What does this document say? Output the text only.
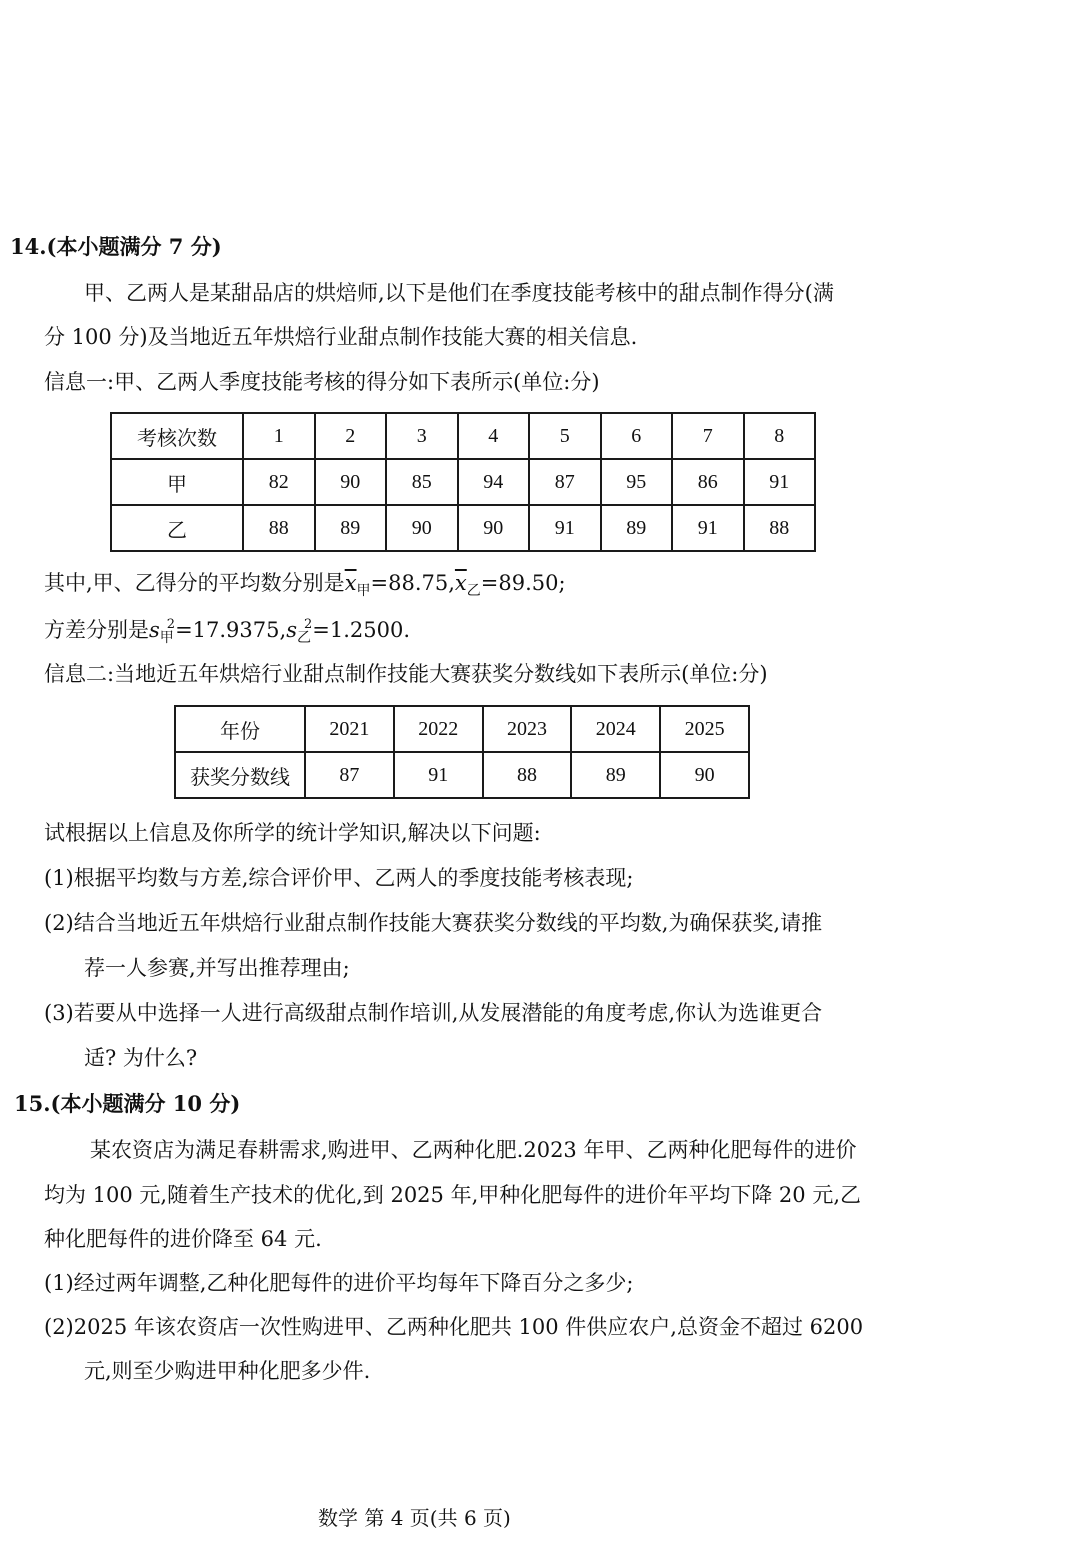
14.(本小题满分 7 分)
甲、乙两人是某甜品店的烘焙师,以下是他们在季度技能考核中的甜点制作得分(满
分 100 分)及当地近五年烘焙行业甜点制作技能大赛的相关信息.
信息一:甲、乙两人季度技能考核的得分如下表所示(单位:分)
考核次数	1	2	3	4	5	6	7	8
甲	82	90	85	94	87	95	86	91
乙	88	89	90	90	91	89	91	88
其中,甲、乙得分的平均数分别是$\overline{x}_甲=88.75,\overline{x}_乙=89.50$;
方差分别是$s_甲^2=17.9375,s_乙^2=1.2500$.
信息二:当地近五年烘焙行业甜点制作技能大赛获奖分数线如下表所示(单位:分)
年份	2021	2022	2023	2024	2025
获奖分数线	87	91	88	89	90
试根据以上信息及你所学的统计学知识,解决以下问题:
(1)根据平均数与方差,综合评价甲、乙两人的季度技能考核表现;
(2)结合当地近五年烘焙行业甜点制作技能大赛获奖分数线的平均数,为确保获奖,请推
荐一人参赛,并写出推荐理由;
(3)若要从中选择一人进行高级甜点制作培训,从发展潜能的角度考虑,你认为选谁更合
适? 为什么?
15.(本小题满分 10 分)
某农资店为满足春耕需求,购进甲、乙两种化肥.2023 年甲、乙两种化肥每件的进价
均为 100 元,随着生产技术的优化,到 2025 年,甲种化肥每件的进价年平均下降 20 元,乙
种化肥每件的进价降至 64 元.
(1)经过两年调整,乙种化肥每件的进价平均每年下降百分之多少;
(2)2025 年该农资店一次性购进甲、乙两种化肥共 100 件供应农户,总资金不超过 6200
元,则至少购进甲种化肥多少件.
数学 第 4 页(共 6 页)
